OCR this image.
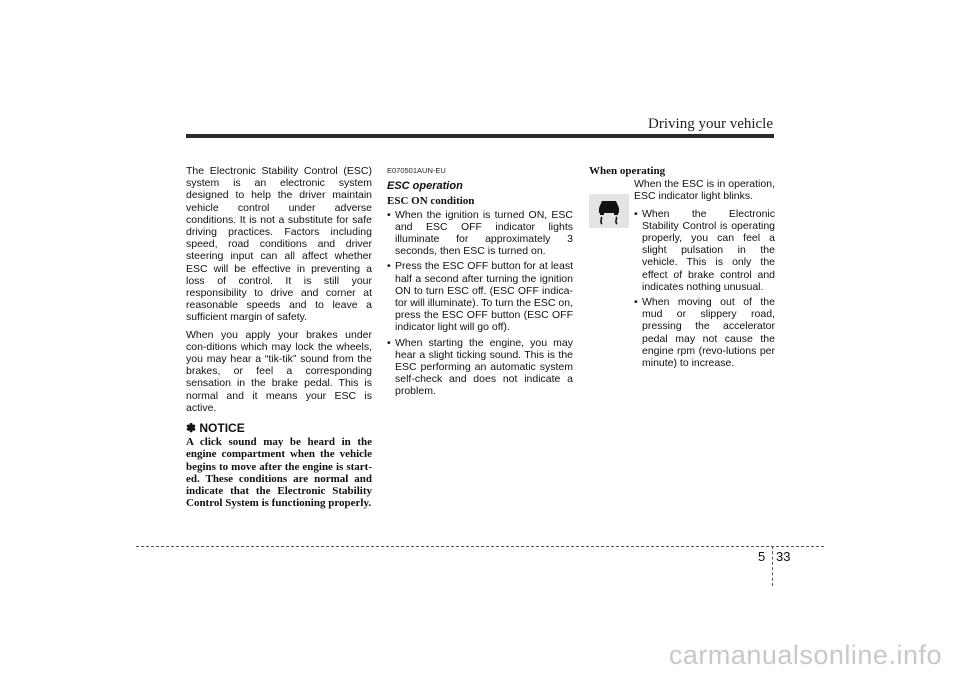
Driving your vehicle

The Electronic Stability Control (ESC) system is an electronic system designed to help the driver maintain vehicle control under adverse conditions. It is not a substitute for safe driving practices. Factors including speed, road conditions and driver steering input can all affect whether ESC will be effective in preventing a loss of control. It is still your responsibility to drive and corner at reasonable speeds and to leave a sufficient margin of safety.

When you apply your brakes under con-ditions which may lock the wheels, you may hear a “tik-tik” sound from the brakes, or feel a corresponding sensation in the brake pedal. This is normal and it means your ESC is active.

✽ NOTICE

A click sound may be heard in the engine compartment when the vehicle begins to move after the engine is start-ed. These conditions are normal and indicate that the Electronic Stability Control System is functioning properly.

E070501AUN-EU
ESC operation
ESC ON condition
• When the ignition is turned ON, ESC and ESC OFF indicator lights illuminate for approximately 3 seconds, then ESC is turned on.
• Press the ESC OFF button for at least half a second after turning the ignition ON to turn ESC off. (ESC OFF indica-tor will illuminate). To turn the ESC on, press the ESC OFF button (ESC OFF indicator light will go off).
• When starting the engine, you may hear a slight ticking sound. This is the ESC performing an automatic system self-check and does not indicate a problem.
When operating

When the ESC is in operation, ESC indicator light blinks.

• When the Electronic Stability Control is operating properly, you can feel a slight pulsation in the vehicle. This is only the effect of brake control and indicates nothing unusual.
• When moving out of the mud or slippery road, pressing the accelerator pedal may not cause the engine rpm (revo-lutions per minute) to increase.
5 33
carmanualsonline.info
